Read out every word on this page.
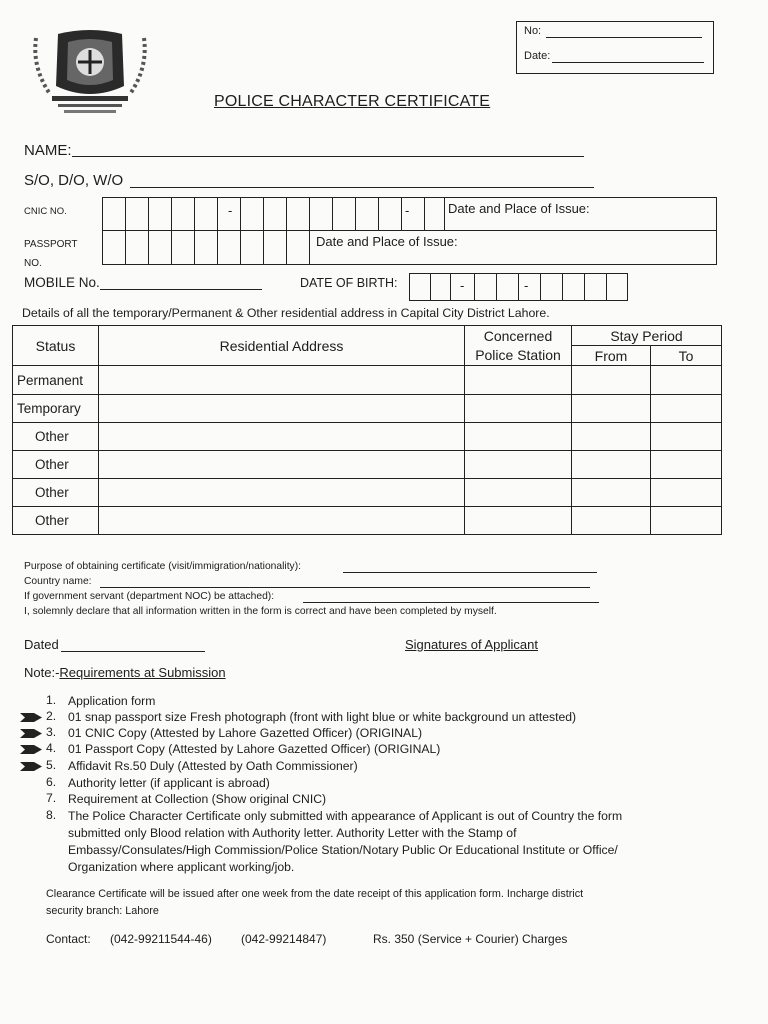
No:
Date:
POLICE CHARACTER CERTIFICATE
NAME:
S/O, D/O, W/O
CNIC NO.	-	-	Date and Place of Issue:
PASSPORT
NO.
Date and Place of Issue:
MOBILE No.	DATE OF BIRTH:	-	-
Details of all the temporary/Permanent & Other residential address in Capital City District Lahore.
Status	Residential Address	Concerned	Stay Period	
		Police Station	From	To
Permanent				
Temporary				
Other				
Other				
Other				
Other				
Purpose of obtaining certificate (visit/immigration/nationality):
Country name:
If government servant (department NOC) be attached):
I, solemnly declare that all information written in the form is correct and have been completed by myself.
Dated	Signatures of Applicant
Note:-Requirements at Submission
1. Application form
2. 01 snap passport size Fresh photograph (front with light blue or white background un attested)
3. 01 CNIC Copy (Attested by Lahore Gazetted Officer) (ORIGINAL)
4. 01 Passport Copy (Attested by Lahore Gazetted Officer) (ORIGINAL)
5. Affidavit Rs.50 Duly (Attested by Oath Commissioner)
6. Authority letter (if applicant is abroad)
7. Requirement at Collection (Show original CNIC)
8. The Police Character Certificate only submitted with appearance of Applicant is out of Country the form
submitted only Blood relation with Authority letter. Authority Letter with the Stamp of
Embassy/Consulates/High Commission/Police Station/Notary Public Or Educational Institute or Office/
Organization where applicant working/job.
Clearance Certificate will be issued after one week from the date receipt of this application form. Incharge district
security branch: Lahore
Contact: (042-99211544-46) (042-99214847)	Rs. 350 (Service + Courier) Charges
